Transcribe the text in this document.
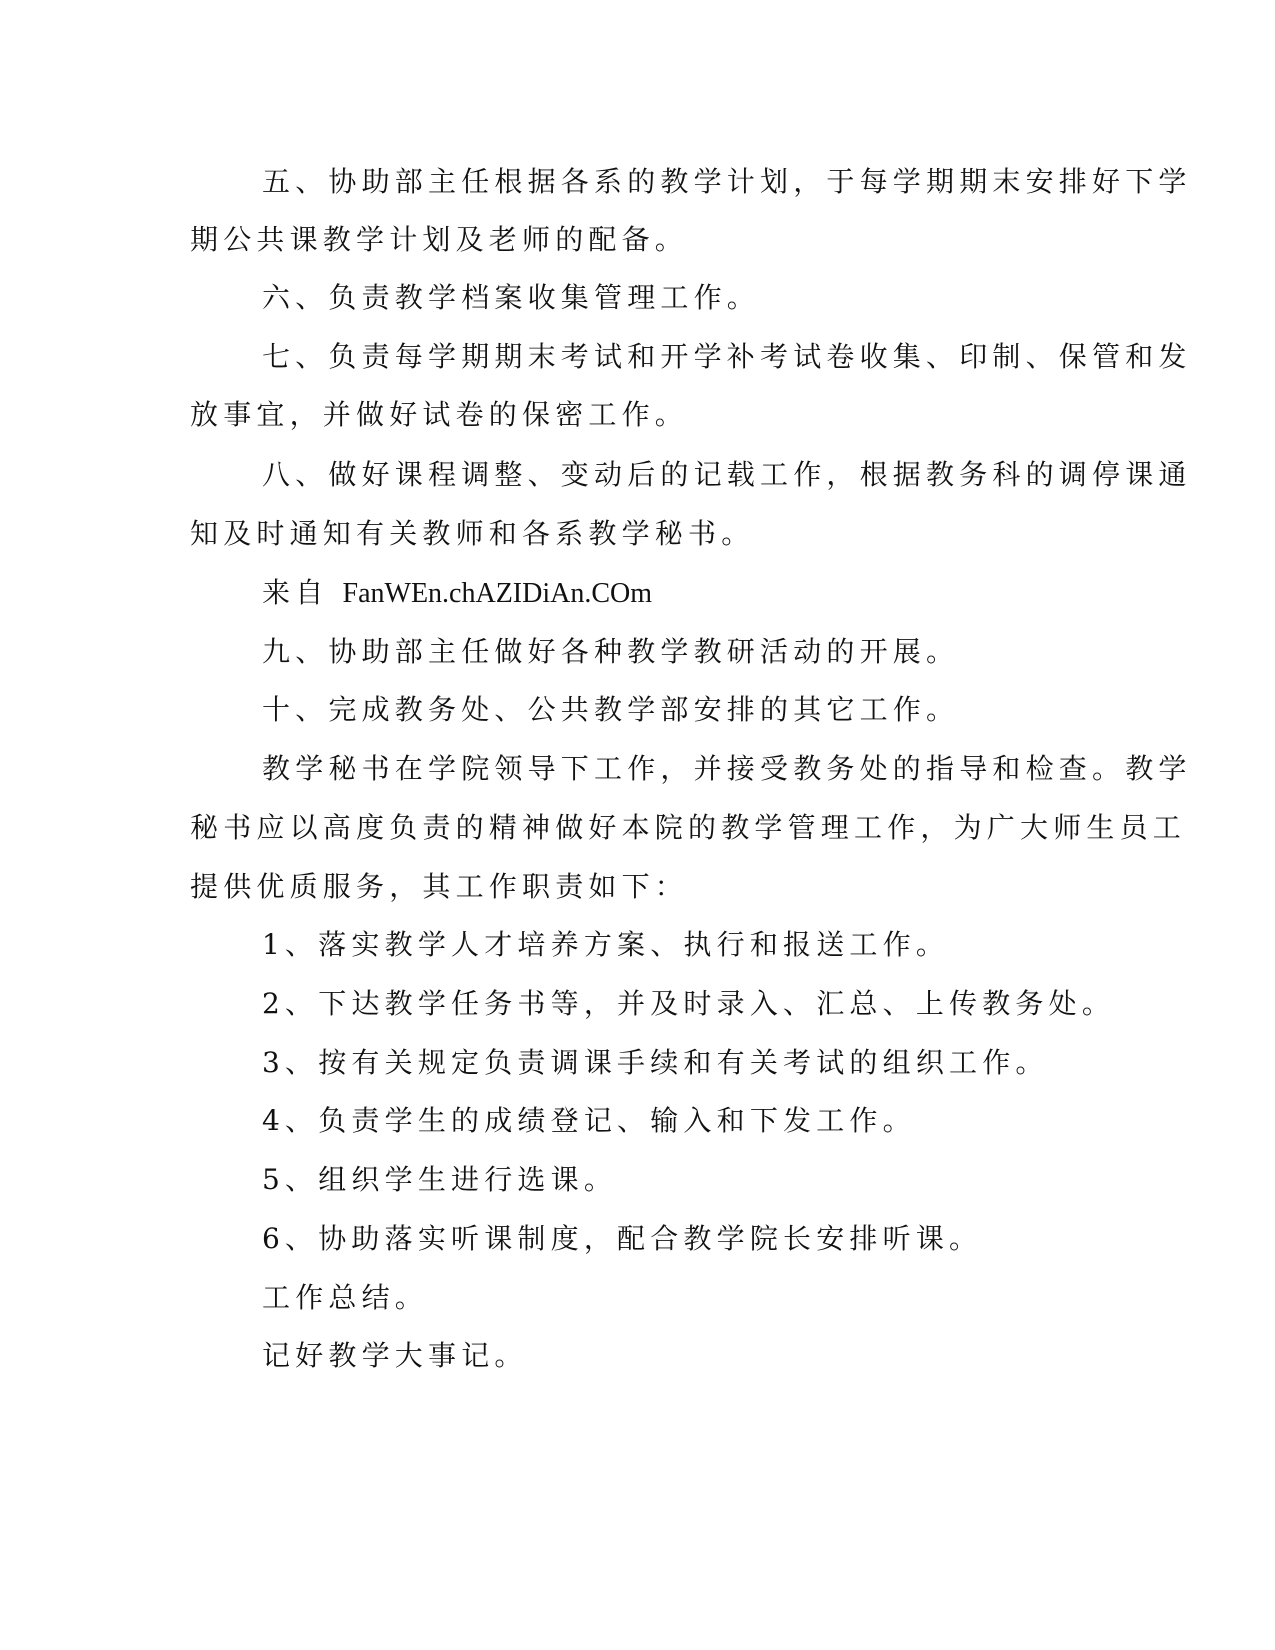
五、协助部主任根据各系的教学计划，于每学期期末安排好下学
期公共课教学计划及老师的配备。
六、负责教学档案收集管理工作。
七、负责每学期期末考试和开学补考试卷收集、印制、保管和发
放事宜，并做好试卷的保密工作。
八、做好课程调整、变动后的记载工作，根据教务科的调停课通
知及时通知有关教师和各系教学秘书。
来自 FanWEn.chAZIDiAn.COm
九、协助部主任做好各种教学教研活动的开展。
十、完成教务处、公共教学部安排的其它工作。
教学秘书在学院领导下工作，并接受教务处的指导和检查。教学
秘书应以高度负责的精神做好本院的教学管理工作，为广大师生员工
提供优质服务，其工作职责如下：
1、落实教学人才培养方案、执行和报送工作。
2、下达教学任务书等，并及时录入、汇总、上传教务处。
3、按有关规定负责调课手续和有关考试的组织工作。
4、负责学生的成绩登记、输入和下发工作。
5、组织学生进行选课。
6、协助落实听课制度，配合教学院长安排听课。
工作总结。
记好教学大事记。
